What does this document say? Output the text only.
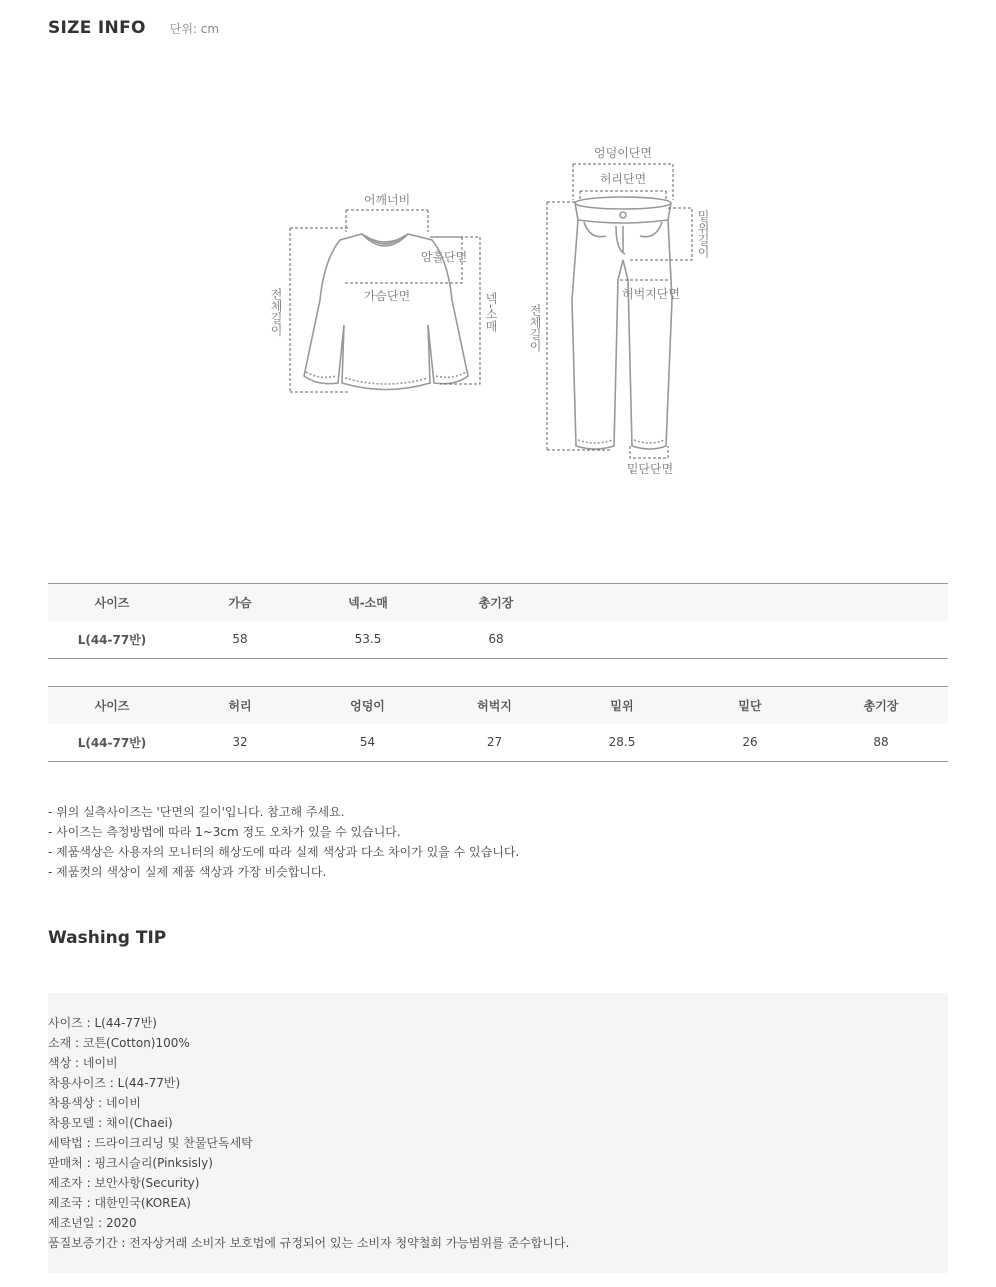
SIZE INFO 단위: cm
어깨너비
암홀단면
가슴단면
전체길이	넥-소매
엉덩이단면
허리단면
밑위길이
전체길이
허벅지단면
밑단단면
사이즈	가슴	넥-소매	총기장	
L(44-77반)	58	53.5	68	
사이즈	허리	엉덩이	허벅지	밑위	밑단	총기장
L(44-77반)	32	54	27	28.5	26	88
- 위의 실측사이즈는 '단면의 길이'입니다. 참고해 주세요.
- 사이즈는 측정방법에 따라 1~3cm 정도 오차가 있을 수 있습니다.
- 제품색상은 사용자의 모니터의 해상도에 따라 실제 색상과 다소 차이가 있을 수 있습니다.
- 제품컷의 색상이 실제 제품 색상과 가장 비슷합니다.
Washing TIP
사이즈 : L(44-77반)
소재 : 코튼(Cotton)100%
색상 : 네이비
착용사이즈 : L(44-77반)
착용색상 : 네이비
착용모델 : 채이(Chaei)
세탁법 : 드라이크리닝 및 찬물단독세탁
판매처 : 핑크시슬리(Pinksisly)
제조자 : 보안사항(Security)
제조국 : 대한민국(KOREA)
제조년일 : 2020
품질보증기간 : 전자상거래 소비자 보호법에 규정되어 있는 소비자 청약철회 가능범위를 준수합니다.
